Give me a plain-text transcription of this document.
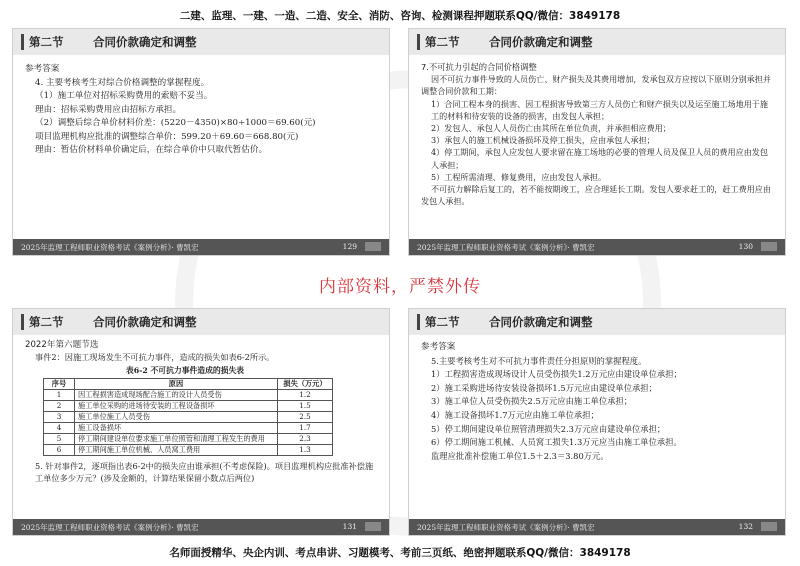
二建、监理、一建、一造、二造、安全、消防、咨询、检测课程押题联系QQ/微信：3849178
第二节	合同价款确定和调整
参考答案
4. 主要考核考生对综合价格调整的掌握程度。
（1）施工单位对招标采购费用的索赔不妥当。
理由：招标采购费用应由招标方承担。
（2）调整后综合单价材料价差：(5220－4350)×80÷1000＝69.60(元)
项目监理机构应批准的调整综合单价：599.20＋69.60＝668.80(元)
理由：暂估价材料单价确定后，在综合单价中只取代暂估价。
2025年监理工程师职业资格考试《案例分析》· 曹凯宏	129
第二节	合同价款确定和调整
7.不可抗力引起的合同价格调整
因不可抗力事件导致的人员伤亡、财产损失及其费用增加，发承包双方应按以下原则分别承担并调整合同价款和工期：
1）合同工程本身的损害、因工程损害导致第三方人员伤亡和财产损失以及运至施工场地用于施工的材料和待安装的设备的损害，由发包人承担；
2）发包人、承包人人员伤亡由其所在单位负责，并承担相应费用；
3）承包人的施工机械设备损坏及停工损失，应由承包人承担；
4）停工期间，承包人应发包人要求留在施工场地的必要的管理人员及保卫人员的费用应由发包人承担；
5）工程所需清理、修复费用，应由发包人承担。
不可抗力解除后复工的，若不能按期竣工，应合理延长工期。发包人要求赶工的，赶工费用应由发包人承担。
2025年监理工程师职业资格考试《案例分析》· 曹凯宏	130
内部资料，严禁外传
第二节	合同价款确定和调整
2022年第六题节选
事件2：因施工现场发生不可抗力事件，造成的损失如表6-2所示。
表6-2 不可抗力事件造成的损失表
序号	原因	损失（万元）
1	因工程损害造成现场配合施工的设计人员受伤	1.2
2	施工单位采购的进场待安装的工程设备损坏	1.5
3	施工单位施工人员受伤	2.5
4	施工设备损坏	1.7
5	停工期间建设单位要求施工单位照管和清理工程发生的费用	2.3
6	停工期间施工单位机械、人员窝工费用	1.3
5. 针对事件2，逐项指出表6-2中的损失应由谁承担(不考虑保险)。项目监理机构应批准补偿施工单位多少万元？(涉及金额的，计算结果保留小数点后两位)
2025年监理工程师职业资格考试《案例分析》· 曹凯宏	131
第二节	合同价款确定和调整
参考答案
5.主要考核考生对不可抗力事件责任分担原则的掌握程度。
1）工程损害造成现场设计人员受伤损失1.2万元应由建设单位承担；
2）施工采购进场待安装设备损坏1.5万元应由建设单位承担；
3）施工单位人员受伤损失2.5万元应由施工单位承担；
4）施工设备损坏1.7万元应由施工单位承担；
5）停工期间建设单位照管清理损失2.3万元应由建设单位承担；
6）停工期间施工机械、人员窝工损失1.3万元应当由施工单位承担。
监理应批准补偿施工单位1.5＋2.3＝3.80万元。
2025年监理工程师职业资格考试《案例分析》· 曹凯宏	132
名师面授精华、央企内训、考点串讲、习题模考、考前三页纸、绝密押题联系QQ/微信：3849178
